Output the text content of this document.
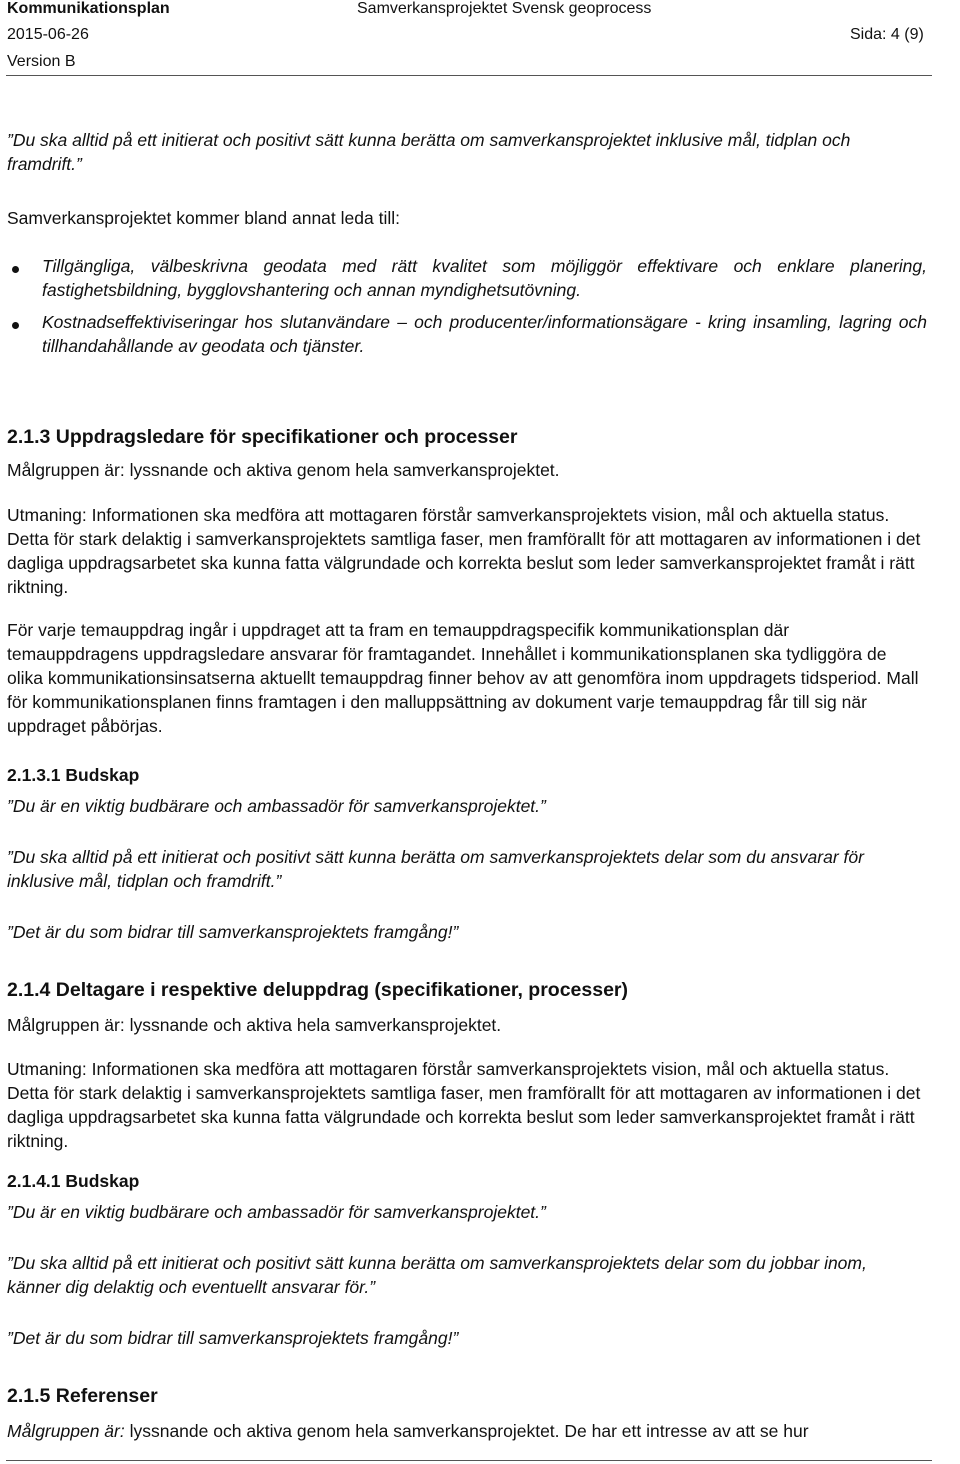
Kommunikationsplan	Samverkansprojektet Svensk geoprocess
2015-06-26	Sida: 4 (9)
Version B

”Du ska alltid på ett initierat och positivt sätt kunna berätta om samverkansprojektet inklusive mål, tidplan och framdrift.”

Samverkansprojektet kommer bland annat leda till:

Tillgängliga, välbeskrivna geodata med rätt kvalitet som möjliggör effektivare och enklare planering, fastighetsbildning, bygglovshantering och annan myndighetsutövning.

Kostnadseffektiviseringar hos slutanvändare – och producenter/informationsägare - kring insamling, lagring och tillhandahållande av geodata och tjänster.

2.1.3 Uppdragsledare för specifikationer och processer

Målgruppen är: lyssnande och aktiva genom hela samverkansprojektet.

Utmaning: Informationen ska medföra att mottagaren förstår samverkansprojektets vision, mål och aktuella status. Detta för stark delaktig i samverkansprojektets samtliga faser, men framförallt för att mottagaren av informationen i det dagliga uppdragsarbetet ska kunna fatta välgrundade och korrekta beslut som leder samverkansprojektet framåt i rätt riktning.

För varje temauppdrag ingår i uppdraget att ta fram en temauppdragspecifik kommunikationsplan där temauppdragens uppdragsledare ansvarar för framtagandet. Innehållet i kommunikationsplanen ska tydliggöra de olika kommunikationsinsatserna aktuellt temauppdrag finner behov av att genomföra inom uppdragets tidsperiod. Mall för kommunikationsplanen finns framtagen i den malluppsättning av dokument varje temauppdrag får till sig när uppdraget påbörjas.

2.1.3.1 Budskap

”Du är en viktig budbärare och ambassadör för samverkansprojektet.”

”Du ska alltid på ett initierat och positivt sätt kunna berätta om samverkansprojektets delar som du ansvarar för inklusive mål, tidplan och framdrift.”

”Det är du som bidrar till samverkansprojektets framgång!”

2.1.4 Deltagare i respektive deluppdrag (specifikationer, processer)

Målgruppen är: lyssnande och aktiva hela samverkansprojektet.

Utmaning: Informationen ska medföra att mottagaren förstår samverkansprojektets vision, mål och aktuella status. Detta för stark delaktig i samverkansprojektets samtliga faser, men framförallt för att mottagaren av informationen i det dagliga uppdragsarbetet ska kunna fatta välgrundade och korrekta beslut som leder samverkansprojektet framåt i rätt riktning.

2.1.4.1 Budskap

”Du är en viktig budbärare och ambassadör för samverkansprojektet.”

”Du ska alltid på ett initierat och positivt sätt kunna berätta om samverkansprojektets delar som du jobbar inom, känner dig delaktig och eventuellt ansvarar för.”

”Det är du som bidrar till samverkansprojektets framgång!”

2.1.5 Referenser

Målgruppen är: lyssnande och aktiva genom hela samverkansprojektet. De har ett intresse av att se hur
